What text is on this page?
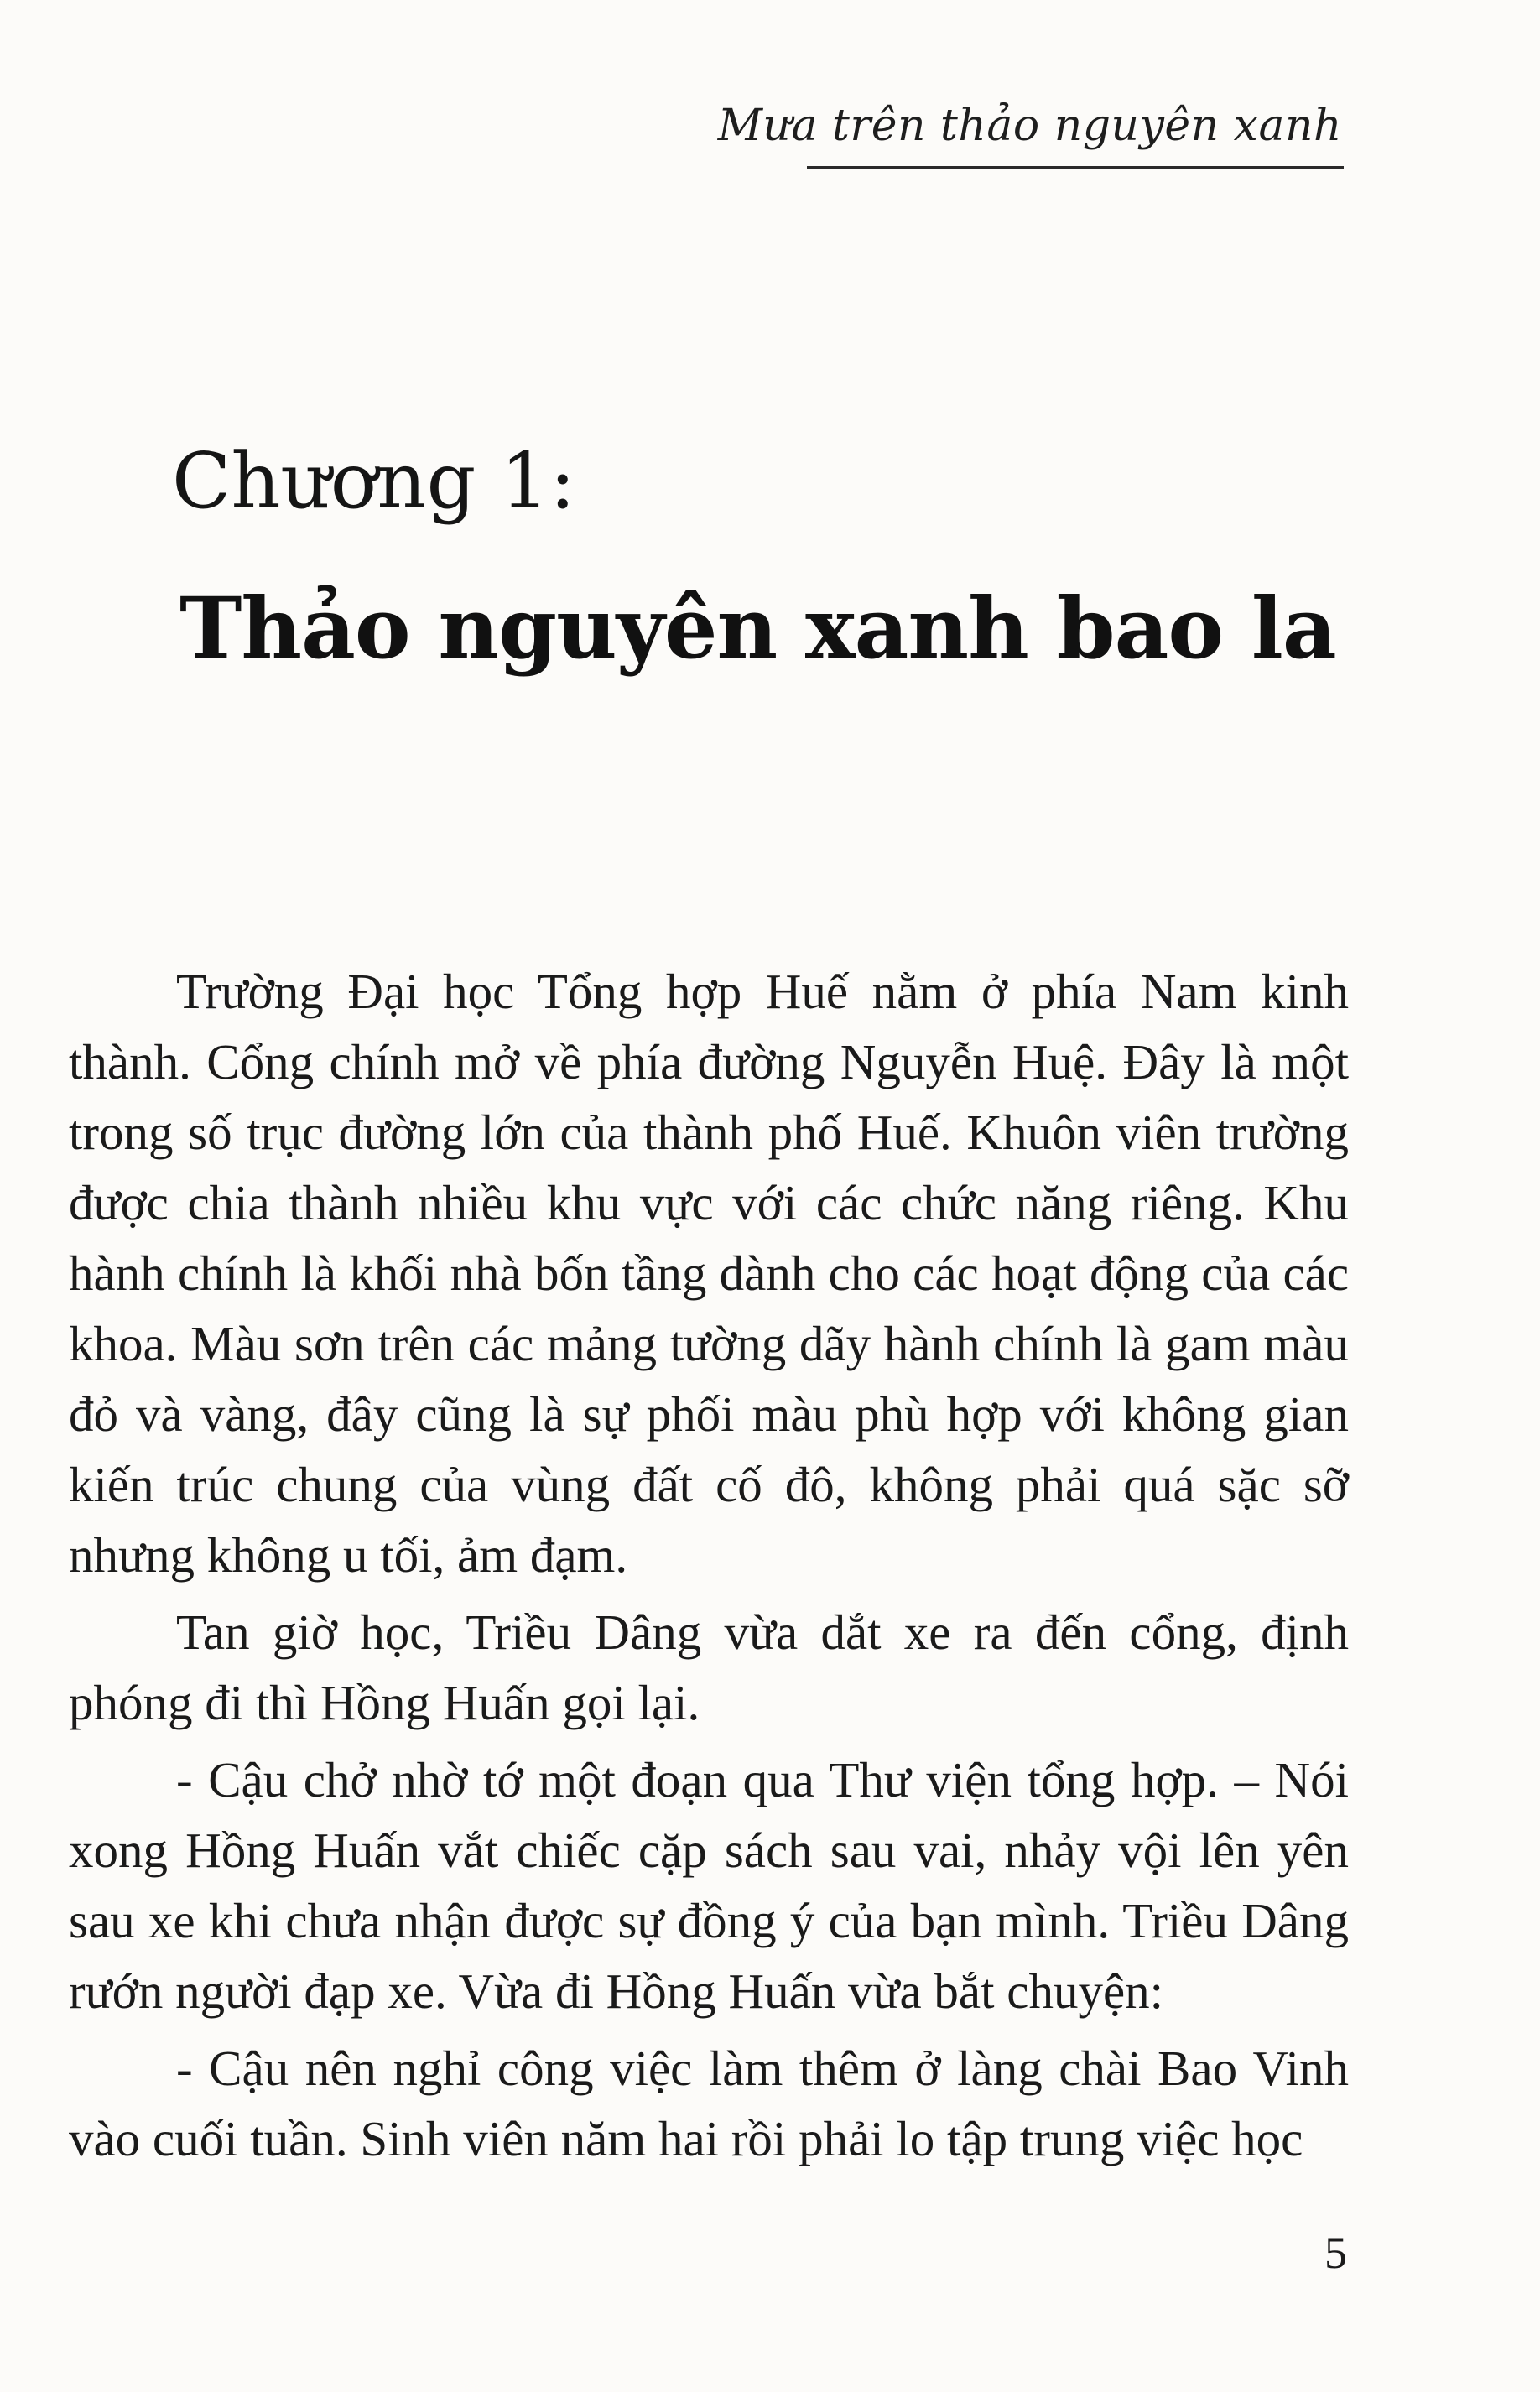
Mưa trên thảo nguyên xanh
Chương 1:
Thảo nguyên xanh bao la

Trường Đại học Tổng hợp Huế nằm ở phía Nam kinh thành. Cổng chính mở về phía đường Nguyễn Huệ. Đây là một trong số trục đường lớn của thành phố Huế. Khuôn viên trường được chia thành nhiều khu vực với các chức năng riêng. Khu hành chính là khối nhà bốn tầng dành cho các hoạt động của các khoa. Màu sơn trên các mảng tường dãy hành chính là gam màu đỏ và vàng, đây cũng là sự phối màu phù hợp với không gian kiến trúc chung của vùng đất cố đô, không phải quá sặc sỡ nhưng không u tối, ảm đạm.

Tan giờ học, Triều Dâng vừa dắt xe ra đến cổng, định phóng đi thì Hồng Huấn gọi lại.

- Cậu chở nhờ tớ một đoạn qua Thư viện tổng hợp. – Nói xong Hồng Huấn vắt chiếc cặp sách sau vai, nhảy vội lên yên sau xe khi chưa nhận được sự đồng ý của bạn mình. Triều Dâng rướn người đạp xe. Vừa đi Hồng Huấn vừa bắt chuyện:

- Cậu nên nghỉ công việc làm thêm ở làng chài Bao Vinh vào cuối tuần. Sinh viên năm hai rồi phải lo tập trung việc học

5
